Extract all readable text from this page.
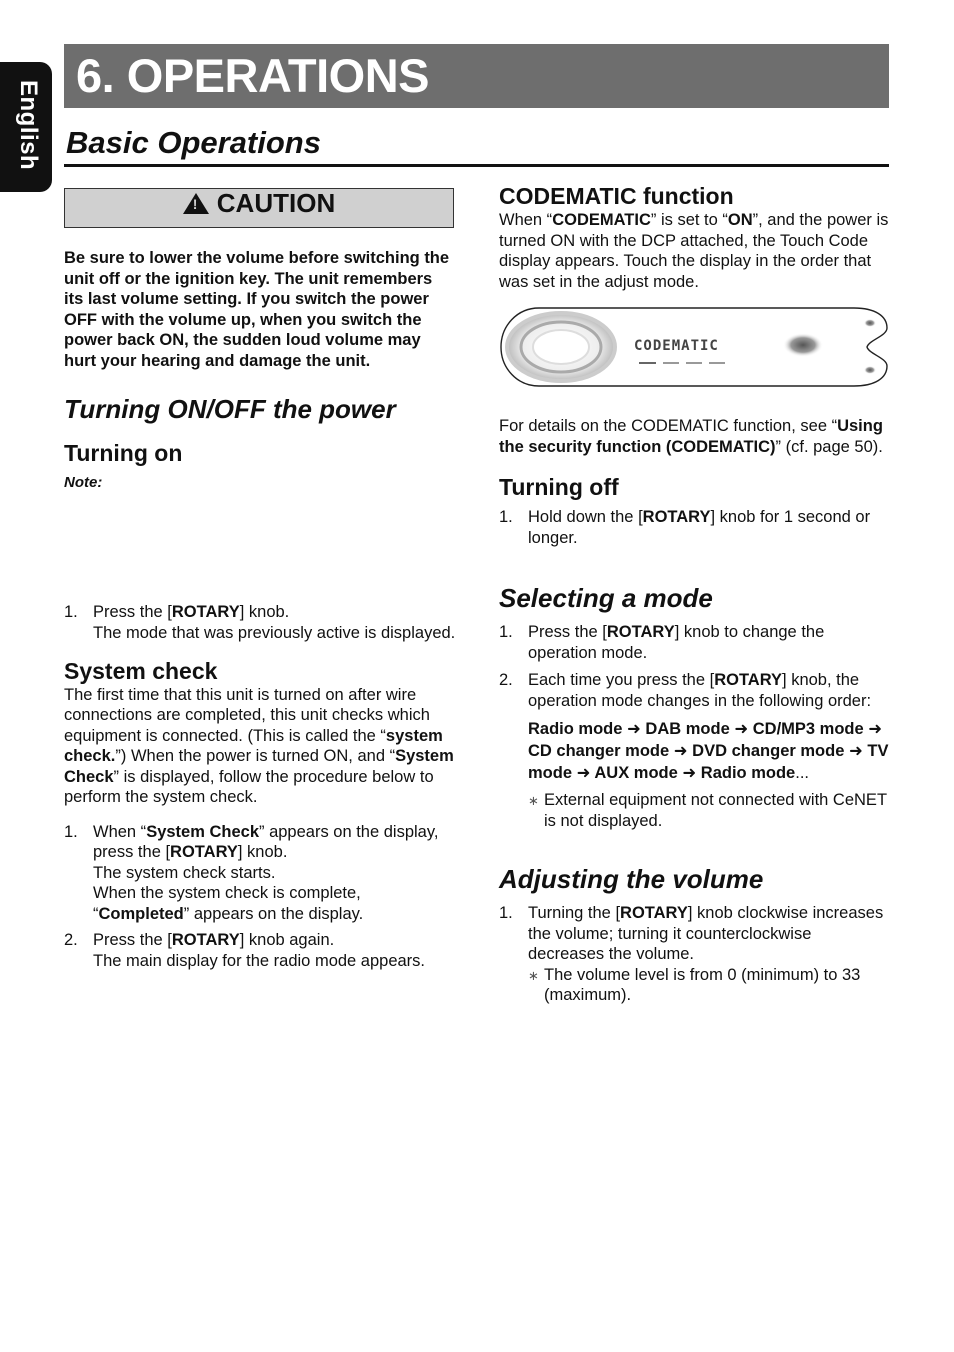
English
6. OPERATIONS
Basic Operations
!CAUTION

Be sure to lower the volume before switching the unit off or the ignition key. The unit remembers its last volume setting. If you switch the power OFF with the volume up, when you switch the power back ON, the sudden loud volume may hurt your hearing and damage the unit.

Turning ON/OFF the power
Turning on

Note:

1. Press the [ROTARY] knob.
The mode that was previously active is displayed.
System check

The first time that this unit is turned on after wire connections are completed, this unit checks which equipment is connected. (This is called the “system check.”) When the power is turned ON, and “System Check” is displayed, follow the procedure below to perform the system check.

1. When “System Check” appears on the display, press the [ROTARY] knob.
The system check starts.
When the system check is complete, “Completed” appears on the display.
2. Press the [ROTARY] knob again.
The main display for the radio mode appears.
CODEMATIC function

When “CODEMATIC” is set to “ON”, and the power is turned ON with the DCP attached, the Touch Code display appears. Touch the display in the order that was set in the adjust mode.

CODEMATIC

For details on the CODEMATIC function, see “Using the security function (CODEMATIC)” (cf. page 50).

Turning off
1. Hold down the [ROTARY] knob for 1 second or longer.
Selecting a mode
1. Press the [ROTARY] knob to change the operation mode.
2. Each time you press the [ROTARY] knob, the operation mode changes in the following order:
Radio mode ➜ DAB mode ➜ CD/MP3 mode ➜ CD changer mode ➜ DVD changer mode ➜ TV mode ➜ AUX mode ➜ Radio mode...
∗ External equipment not connected with CeNET is not displayed.
Adjusting the volume
1. Turning the [ROTARY] knob clockwise increases the volume; turning it counterclockwise decreases the volume.
∗ The volume level is from 0 (minimum) to 33 (maximum).
